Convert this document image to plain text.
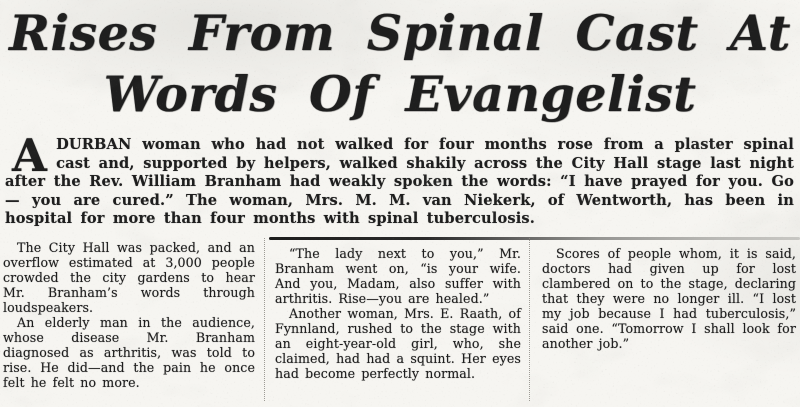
Rises From Spinal Cast At
Words Of Evangelist
ADURBAN woman who had not walked for four months rose from a plaster spinal cast and, supported by helpers, walked shakily across the City Hall stage last night after the Rev. William Branham had weakly spoken the words: “I have prayed for you. Go — you are cured.” The woman, Mrs. M. M. van Niekerk, of Wentworth, has been in hospital for more than four months with spinal tuberculosis.

The City Hall was packed, and an overflow estimated at 3,000 people crowded the city gardens to hear Mr. Branham’s words through loudspeakers.

An elderly man in the audience, whose disease Mr. Branham diagnosed as arthritis, was told to rise. He did—and the pain he once felt he felt no more.

“The lady next to you,” Mr. Branham went on, “is your wife. And you, Madam, also suffer with arthritis. Rise—you are healed.”

Another woman, Mrs. E. Raath, of Fynnland, rushed to the stage with an eight-year-old girl, who, she claimed, had had a squint. Her eyes had become perfectly normal.

Scores of people whom, it is said, doctors had given up for lost clambered on to the stage, declaring that they were no longer ill. “I lost my job because I had tuberculosis,” said one. “Tomorrow I shall look for another job.”
